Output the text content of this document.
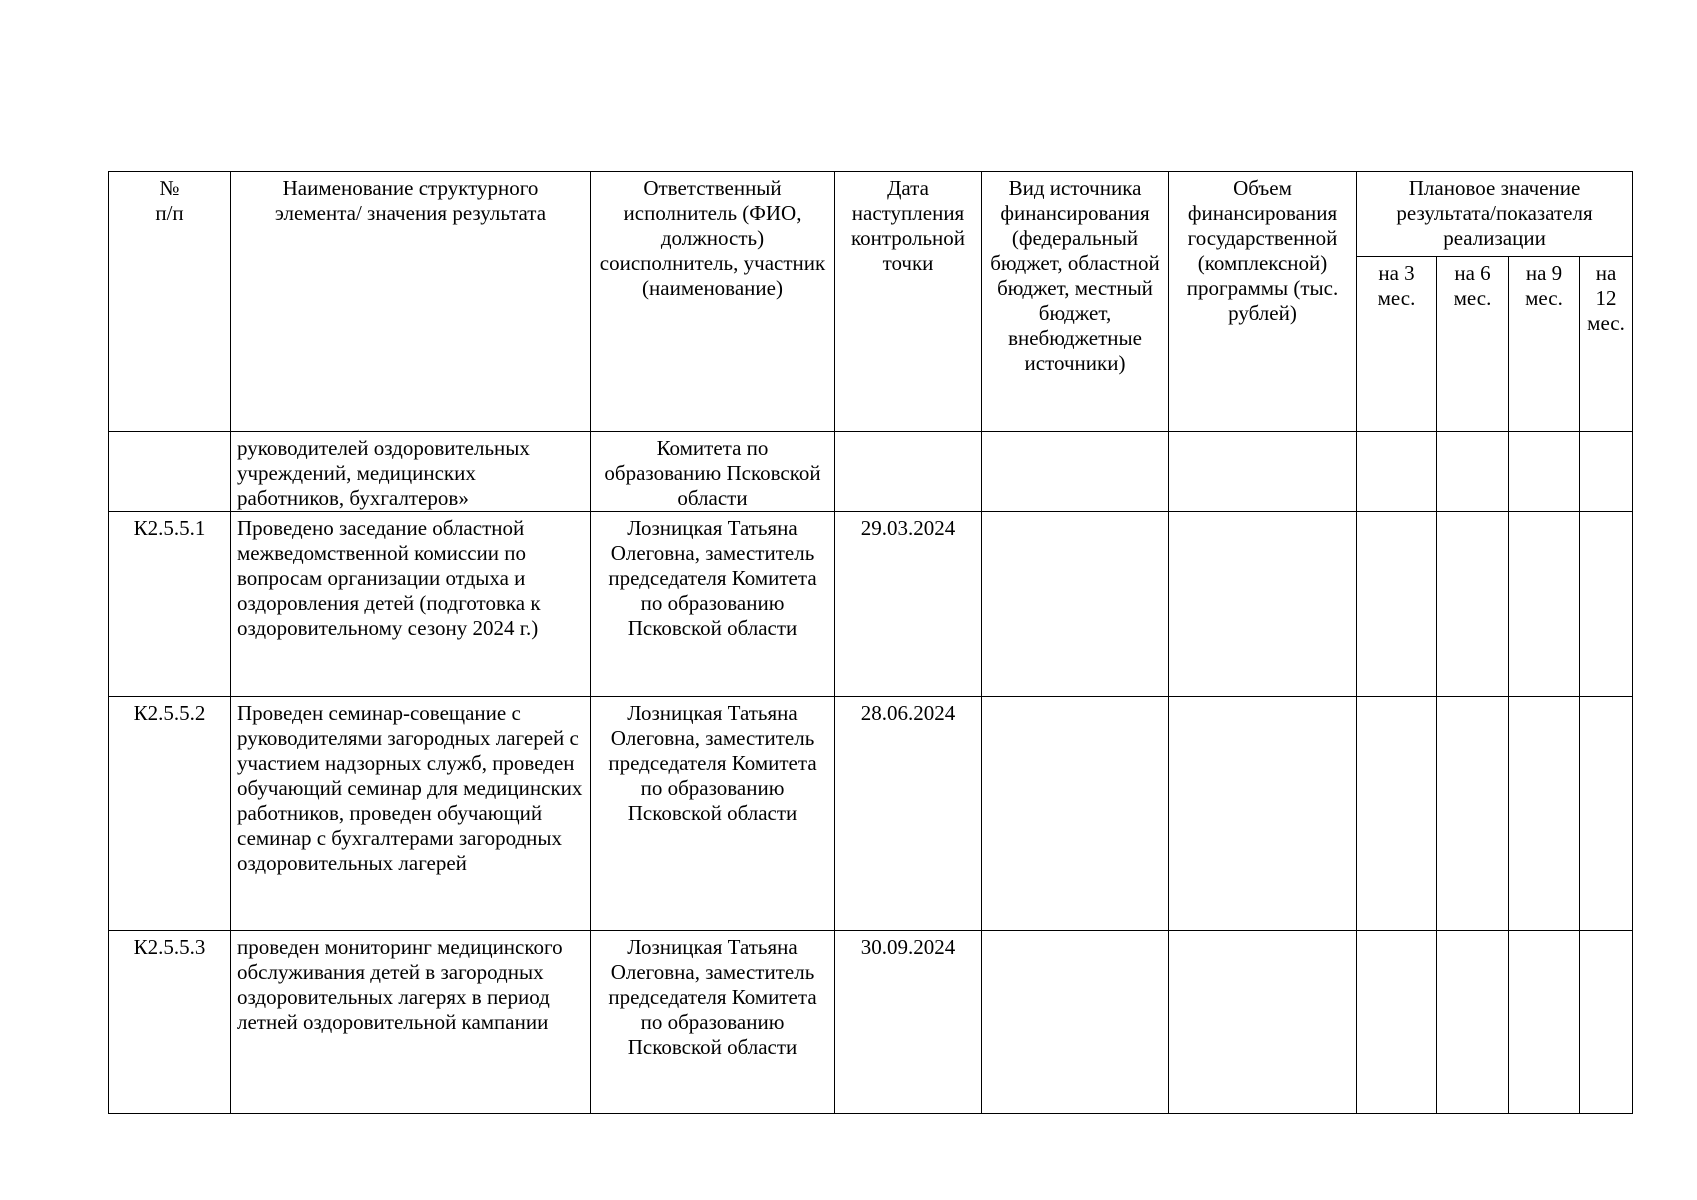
№
п/п	Наименование структурного элемента/ значения результата	Ответственный исполнитель (ФИО, должность) соисполнитель, участник (наименование)	Дата наступления контрольной точки	Вид источника финансирования (федеральный бюджет, областной бюджет, местный бюджет, внебюджетные источники)	Объем финансирования государственной (комплексной) программы (тыс. рублей)	Плановое значение результата/показателя реализации			
						на 3 мес.	на 6 мес.	на 9 мес.	на 12 мес.
	руководителей оздоровительных учреждений, медицинских работников, бухгалтеров»	Комитета по образованию Псковской области							
К2.5.5.1	Проведено заседание областной межведомственной комиссии по вопросам организации отдыха и оздоровления детей (подготовка к оздоровительному сезону 2024 г.)	Лозницкая Татьяна Олеговна, заместитель председателя Комитета по образованию Псковской области	29.03.2024						
К2.5.5.2	Проведен семинар-совещание с руководителями загородных лагерей с участием надзорных служб, проведен обучающий семинар для медицинских работников, проведен обучающий семинар с бухгалтерами загородных оздоровительных лагерей	Лозницкая Татьяна Олеговна, заместитель председателя Комитета по образованию Псковской области	28.06.2024						
К2.5.5.3	проведен мониторинг медицинского обслуживания детей в загородных оздоровительных лагерях в период летней оздоровительной кампании	Лозницкая Татьяна Олеговна, заместитель председателя Комитета по образованию Псковской области	30.09.2024						
